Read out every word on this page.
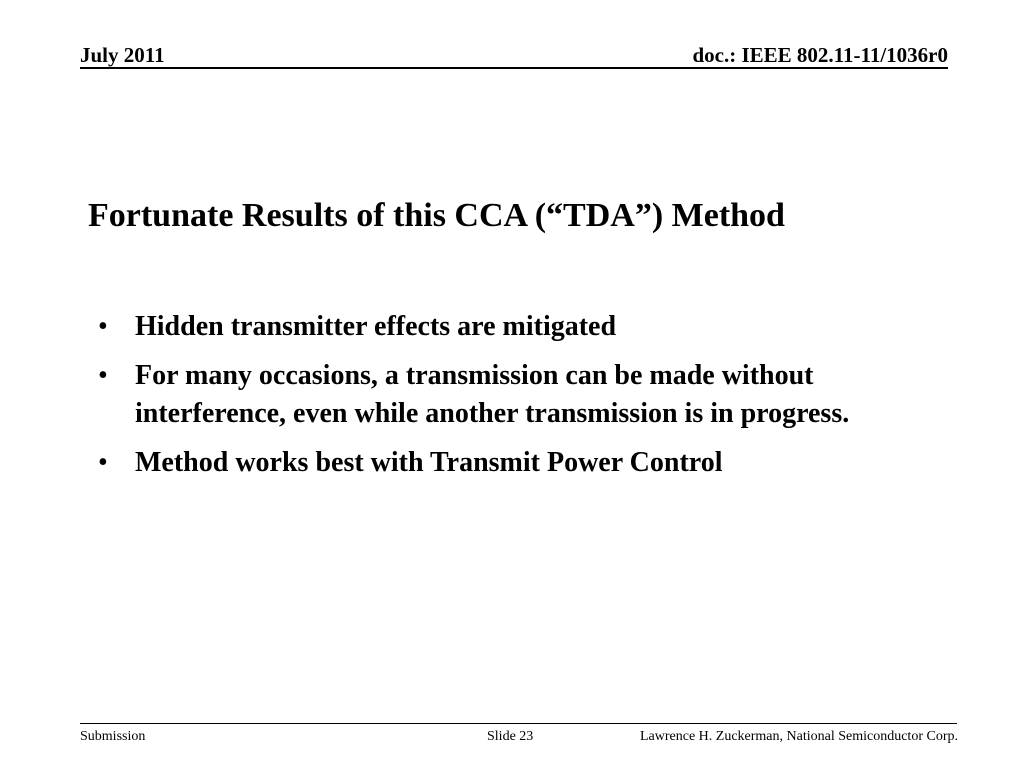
July 2011	doc.: IEEE 802.11-11/1036r0
Fortunate Results of this CCA (“TDA”) Method
• Hidden transmitter effects are mitigated
• For many occasions, a transmission can be made without interference, even while another transmission is in progress.
• Method works best with Transmit Power Control
Submission	Slide 23	Lawrence H. Zuckerman, National Semiconductor Corp.
